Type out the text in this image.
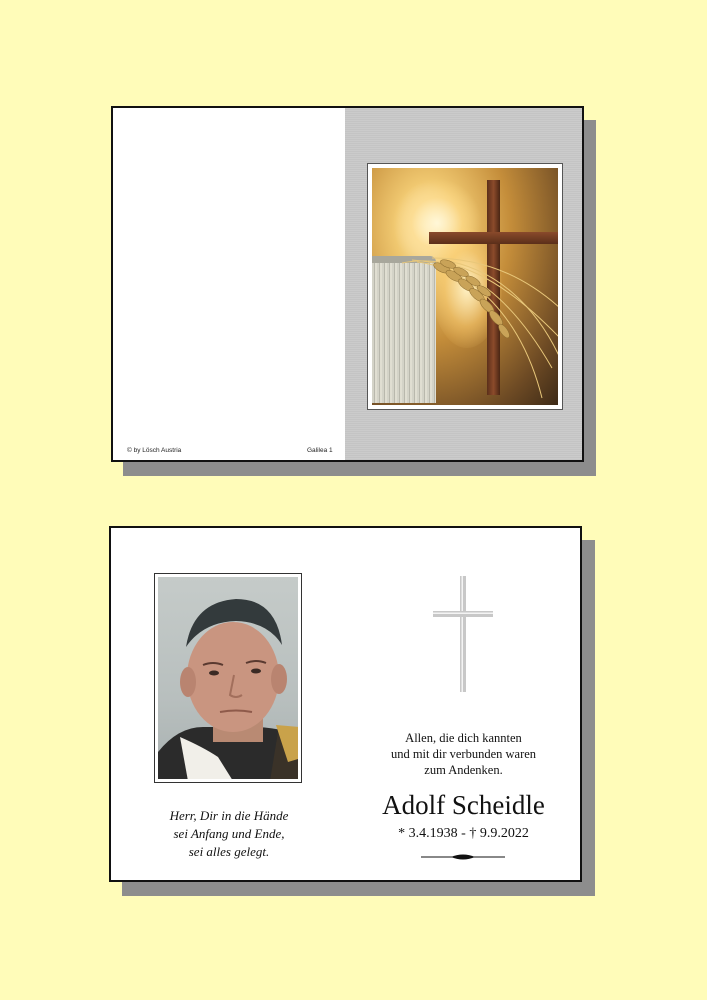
© by Lösch Austria	Galilea 1
Herr, Dir in die Hände
sei Anfang und Ende,
sei alles gelegt.
Allen, die dich kannten
und mit dir verbunden waren
zum Andenken.
Adolf Scheidle
* 3.4.1938 - † 9.9.2022
